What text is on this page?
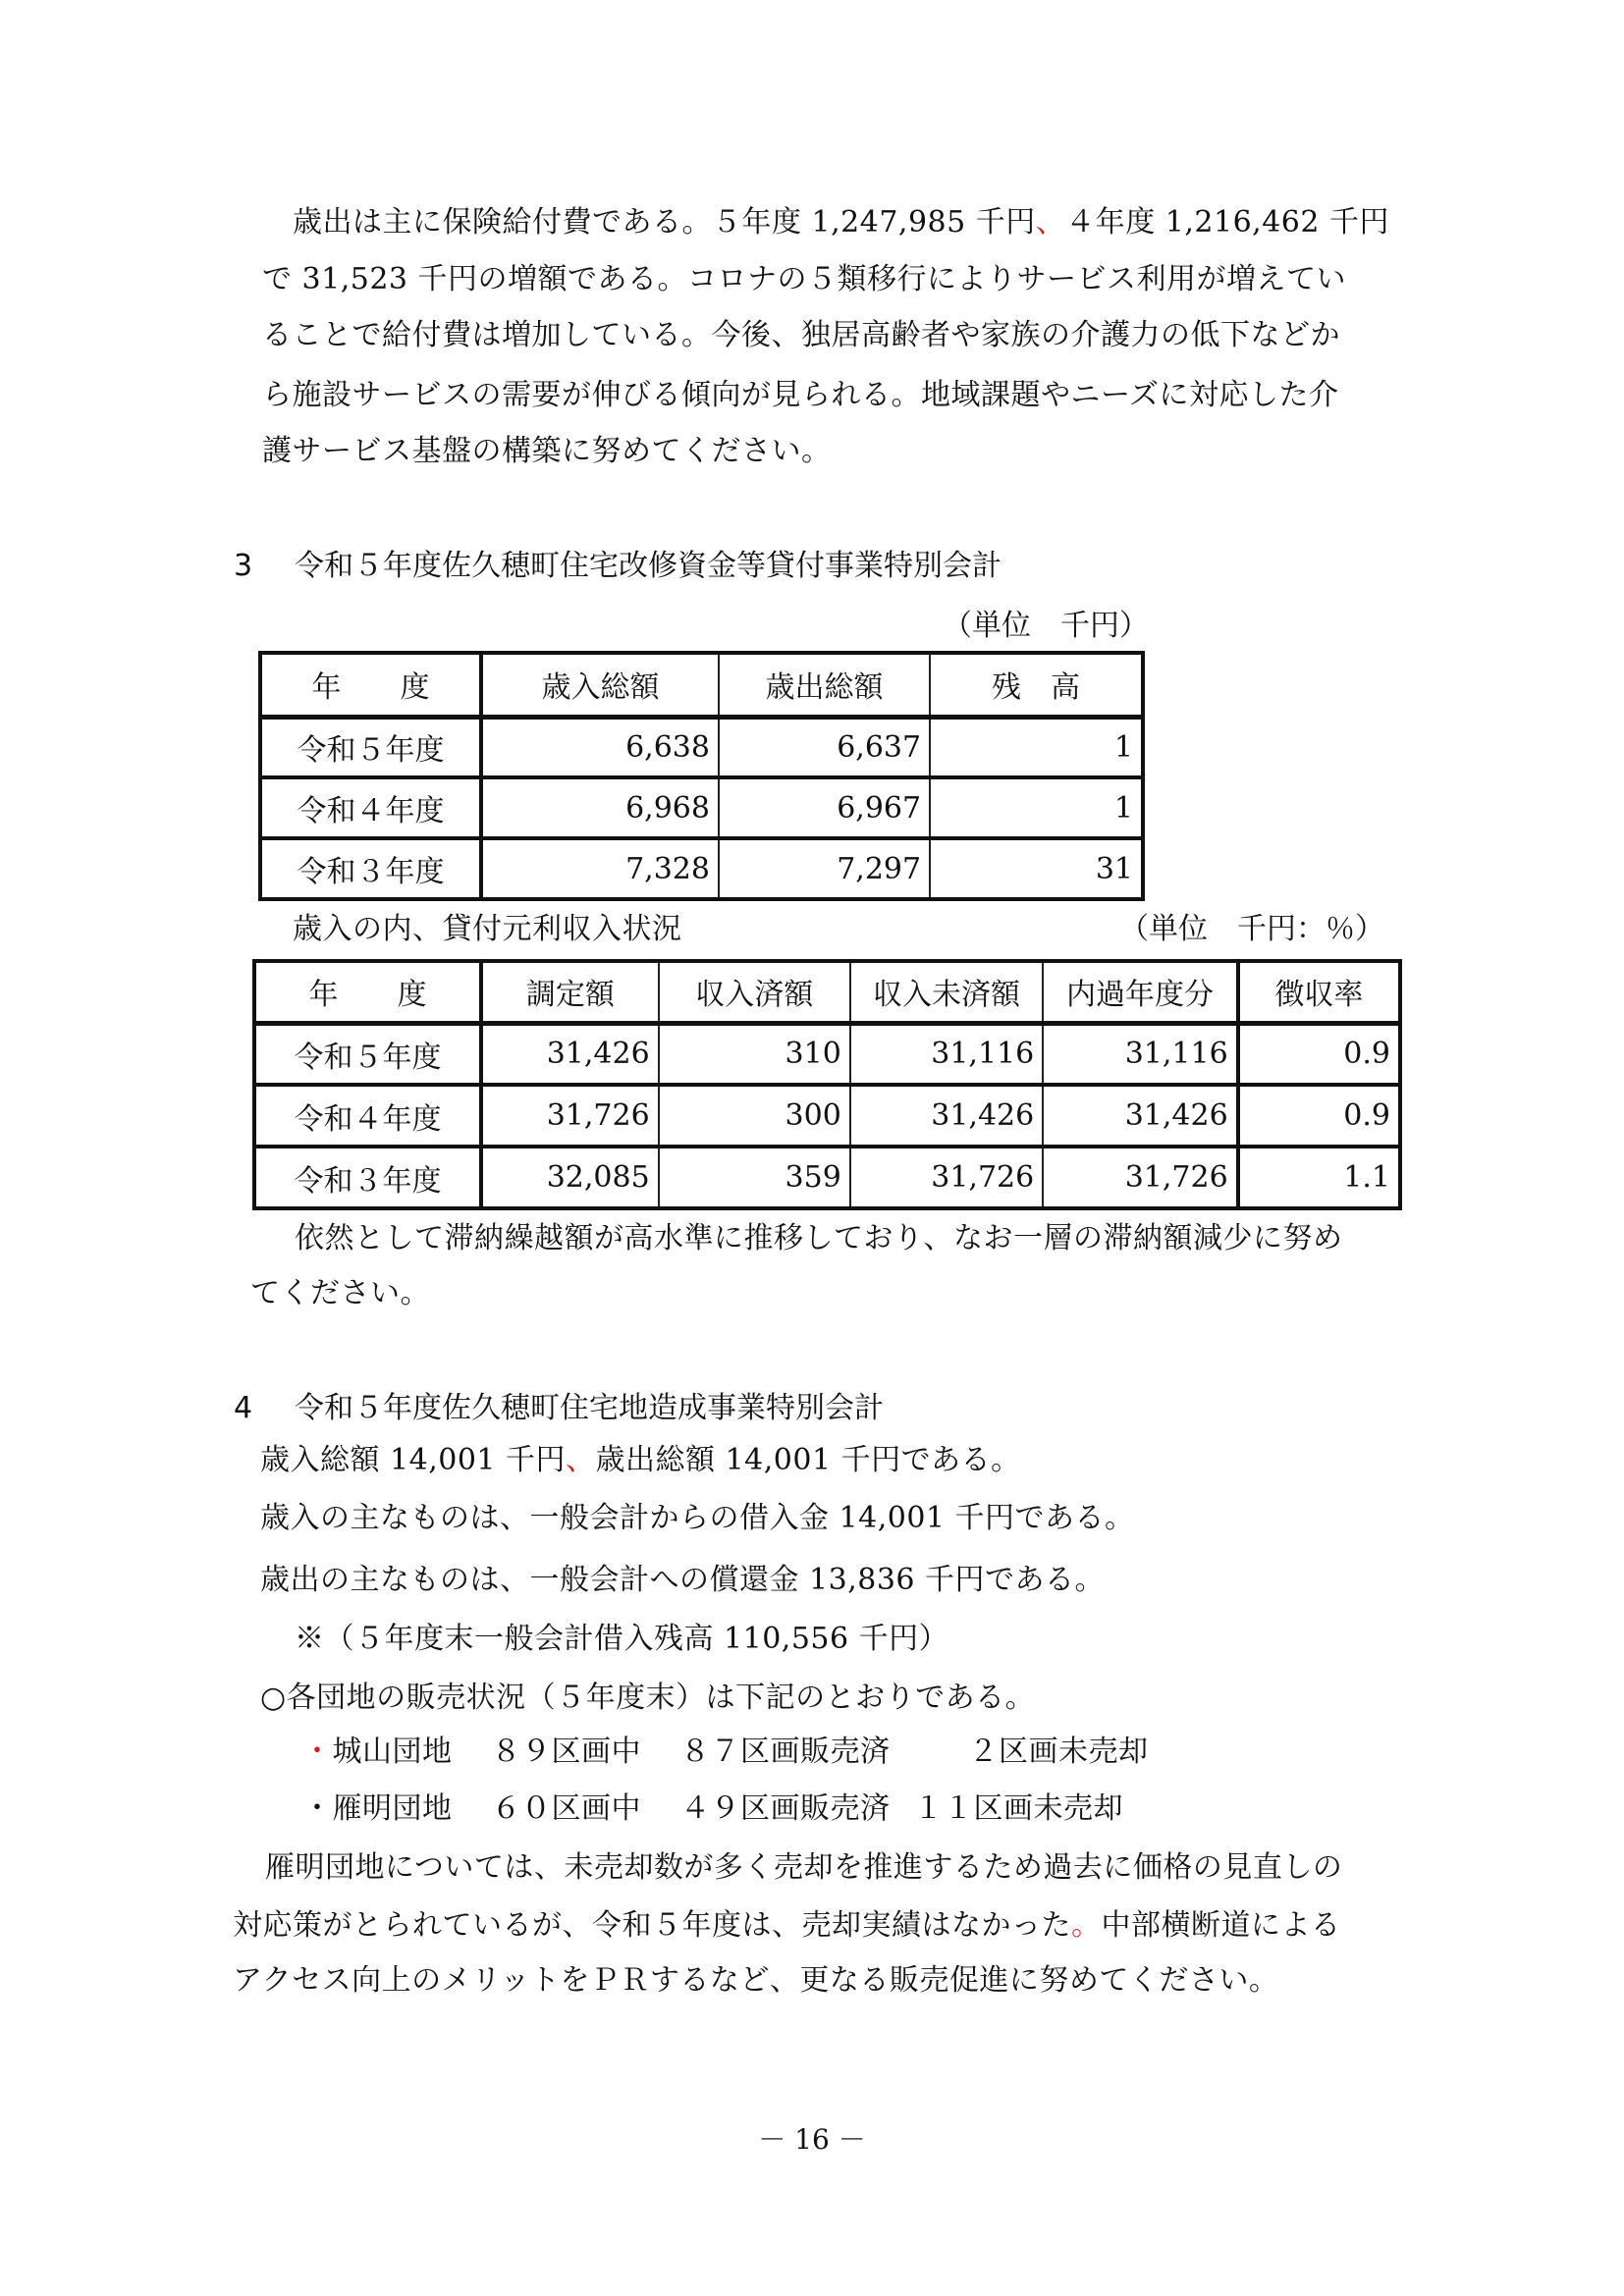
歳出は主に保険給付費である。５年度 1,247,985 千円、４年度 1,216,462 千円
で 31,523 千円の増額である。コロナの５類移行によりサービス利用が増えてい
ることで給付費は増加している。今後、独居高齢者や家族の介護力の低下などか
ら施設サービスの需要が伸びる傾向が見られる。地域課題やニーズに対応した介
護サービス基盤の構築に努めてください。
3 令和５年度佐久穂町住宅改修資金等貸付事業特別会計
（単位　千円）
年　　度	歳入総額	歳出総額	残　高
令和５年度	6,638	6,637	1
令和４年度	6,968	6,967	1
令和３年度	7,328	7,297	31
歳入の内、貸付元利収入状況	（単位　千円：％）
年　　度	調定額	収入済額	収入未済額	内過年度分	徴収率
令和５年度	31,426	310	31,116	31,116	0.9
令和４年度	31,726	300	31,426	31,426	0.9
令和３年度	32,085	359	31,726	31,726	1.1
依然として滞納繰越額が高水準に推移しており、なお一層の滞納額減少に努め
てください。
4 令和５年度佐久穂町住宅地造成事業特別会計
歳入総額 14,001 千円、歳出総額 14,001 千円である。
歳入の主なものは、一般会計からの借入金 14,001 千円である。
歳出の主なものは、一般会計への償還金 13,836 千円である。
※（５年度末一般会計借入残高 110,556 千円）
○各団地の販売状況（５年度末）は下記のとおりである。
・城山団地 ８９区画中 ８７区画販売済	２区画未売却
・雁明団地 ６０区画中 ４９区画販売済 １１区画未売却
雁明団地については、未売却数が多く売却を推進するため過去に価格の見直しの
対応策がとられているが、令和５年度は、売却実績はなかった。中部横断道による
アクセス向上のメリットをＰＲするなど、更なる販売促進に努めてください。
－ 16 －
